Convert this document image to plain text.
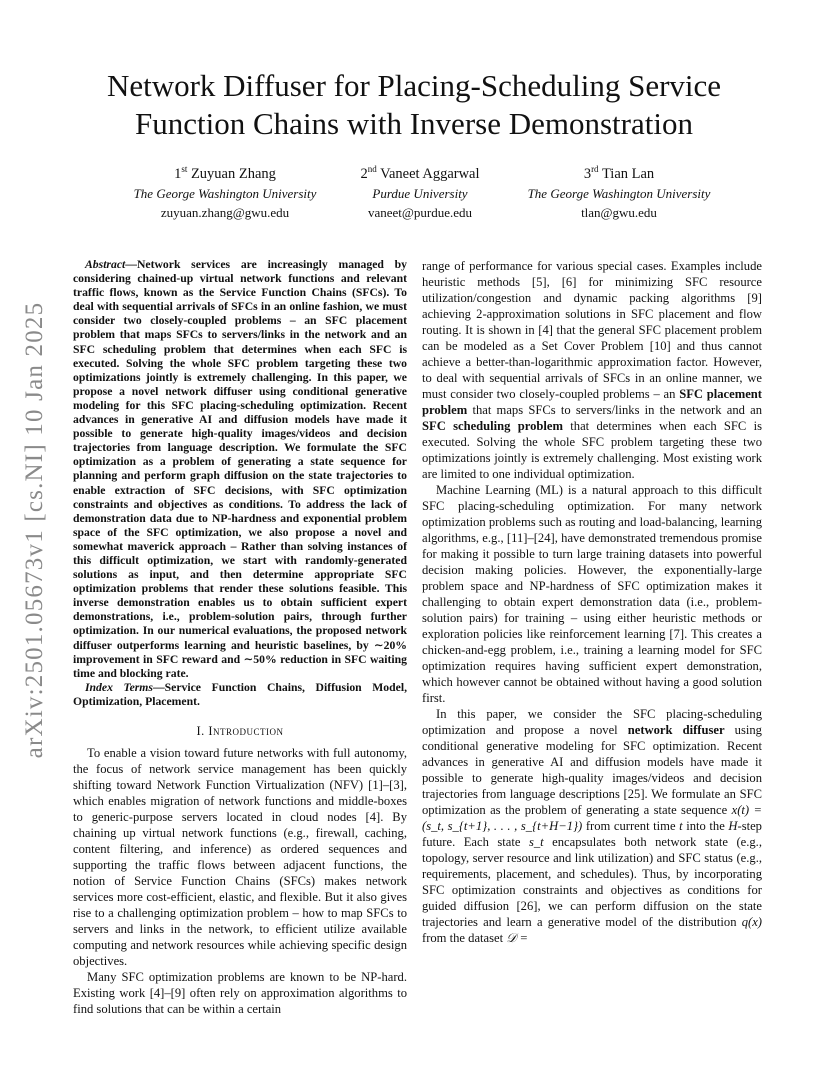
arXiv:2501.05673v1 [cs.NI] 10 Jan 2025
Network Diffuser for Placing-Scheduling Service Function Chains with Inverse Demonstration
1st Zuyuan Zhang
The George Washington University
zuyuan.zhang@gwu.edu
2nd Vaneet Aggarwal
Purdue University
vaneet@purdue.edu
3rd Tian Lan
The George Washington University
tlan@gwu.edu

Abstract—Network services are increasingly managed by considering chained-up virtual network functions and relevant traffic flows, known as the Service Function Chains (SFCs). To deal with sequential arrivals of SFCs in an online fashion, we must consider two closely-coupled problems – an SFC placement problem that maps SFCs to servers/links in the network and an SFC scheduling problem that determines when each SFC is executed. Solving the whole SFC problem targeting these two optimizations jointly is extremely challenging. In this paper, we propose a novel network diffuser using conditional generative modeling for this SFC placing-scheduling optimization. Recent advances in generative AI and diffusion models have made it possible to generate high-quality images/videos and decision trajectories from language description. We formulate the SFC optimization as a problem of generating a state sequence for planning and perform graph diffusion on the state trajectories to enable extraction of SFC decisions, with SFC optimization constraints and objectives as conditions. To address the lack of demonstration data due to NP-hardness and exponential problem space of the SFC optimization, we also propose a novel and somewhat maverick approach – Rather than solving instances of this difficult optimization, we start with randomly-generated solutions as input, and then determine appropriate SFC optimization problems that render these solutions feasible. This inverse demonstration enables us to obtain sufficient expert demonstrations, i.e., problem-solution pairs, through further optimization. In our numerical evaluations, the proposed network diffuser outperforms learning and heuristic baselines, by ∼20% improvement in SFC reward and ∼50% reduction in SFC waiting time and blocking rate.

Index Terms—Service Function Chains, Diffusion Model, Optimization, Placement.

I. Introduction

To enable a vision toward future networks with full autonomy, the focus of network service management has been quickly shifting toward Network Function Virtualization (NFV) [1]–[3], which enables migration of network functions and middle-boxes to generic-purpose servers located in cloud nodes [4]. By chaining up virtual network functions (e.g., firewall, caching, content filtering, and inference) as ordered sequences and supporting the traffic flows between adjacent functions, the notion of Service Function Chains (SFCs) makes network services more cost-efficient, elastic, and flexible. But it also gives rise to a challenging optimization problem – how to map SFCs to servers and links in the network, to efficient utilize available computing and network resources while achieving specific design objectives.

Many SFC optimization problems are known to be NP-hard. Existing work [4]–[9] often rely on approximation algorithms to find solutions that can be within a certain

range of performance for various special cases. Examples include heuristic methods [5], [6] for minimizing SFC resource utilization/congestion and dynamic packing algorithms [9] achieving 2-approximation solutions in SFC placement and flow routing. It is shown in [4] that the general SFC placement problem can be modeled as a Set Cover Problem [10] and thus cannot achieve a better-than-logarithmic approximation factor. However, to deal with sequential arrivals of SFCs in an online manner, we must consider two closely-coupled problems – an SFC placement problem that maps SFCs to servers/links in the network and an SFC scheduling problem that determines when each SFC is executed. Solving the whole SFC problem targeting these two optimizations jointly is extremely challenging. Most existing work are limited to one individual optimization.

Machine Learning (ML) is a natural approach to this difficult SFC placing-scheduling optimization. For many network optimization problems such as routing and load-balancing, learning algorithms, e.g., [11]–[24], have demonstrated tremendous promise for making it possible to turn large training datasets into powerful decision making policies. However, the exponentially-large problem space and NP-hardness of SFC optimization makes it challenging to obtain expert demonstration data (i.e., problem-solution pairs) for training – using either heuristic methods or exploration policies like reinforcement learning [7]. This creates a chicken-and-egg problem, i.e., training a learning model for SFC optimization requires having sufficient expert demonstration, which however cannot be obtained without having a good solution first.

In this paper, we consider the SFC placing-scheduling optimization and propose a novel network diffuser using conditional generative modeling for SFC optimization. Recent advances in generative AI and diffusion models have made it possible to generate high-quality images/videos and decision trajectories from language descriptions [25]. We formulate an SFC optimization as the problem of generating a state sequence x(t) = (s_t, s_{t+1}, . . . , s_{t+H−1}) from current time t into the H-step future. Each state s_t encapsulates both network state (e.g., topology, server resource and link utilization) and SFC status (e.g., requirements, placement, and schedules). Thus, by incorporating SFC optimization constraints and objectives as conditions for guided diffusion [26], we can perform diffusion on the state trajectories and learn a generative model of the distribution q(x) from the dataset 𝒟 =
